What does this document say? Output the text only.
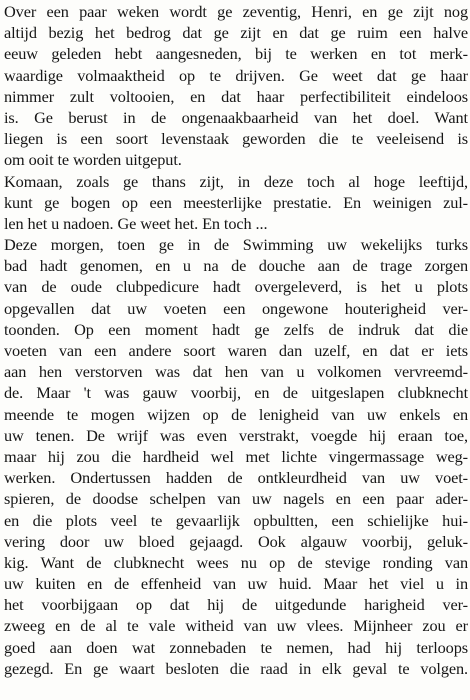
Over een paar weken wordt ge zeventig, Henri, en ge zijt nog
altijd bezig het bedrog dat ge zijt en dat ge ruim een halve
eeuw geleden hebt aangesneden, bij te werken en tot merk-
waardige volmaaktheid op te drijven. Ge weet dat ge haar
nimmer zult voltooien, en dat haar perfectibiliteit eindeloos
is. Ge berust in de ongenaakbaarheid van het doel. Want
liegen is een soort levenstaak geworden die te veeleisend is
om ooit te worden uitgeput.
Komaan, zoals ge thans zijt, in deze toch al hoge leeftijd,
kunt ge bogen op een meesterlijke prestatie. En weinigen zul-
len het u nadoen. Ge weet het. En toch ...
Deze morgen, toen ge in de Swimming uw wekelijks turks
bad hadt genomen, en u na de douche aan de trage zorgen
van de oude clubpedicure hadt overgeleverd, is het u plots
opgevallen dat uw voeten een ongewone houterigheid ver-
toonden. Op een moment hadt ge zelfs de indruk dat die
voeten van een andere soort waren dan uzelf, en dat er iets
aan hen verstorven was dat hen van u volkomen vervreemd-
de. Maar 't was gauw voorbij, en de uitgeslapen clubknecht
meende te mogen wijzen op de lenigheid van uw enkels en
uw tenen. De wrijf was even verstrakt, voegde hij eraan toe,
maar hij zou die hardheid wel met lichte vingermassage weg-
werken. Ondertussen hadden de ontkleurdheid van uw voet-
spieren, de doodse schelpen van uw nagels en een paar ader-
en die plots veel te gevaarlijk opbultten, een schielijke hui-
vering door uw bloed gejaagd. Ook algauw voorbij, geluk-
kig. Want de clubknecht wees nu op de stevige ronding van
uw kuiten en de effenheid van uw huid. Maar het viel u in
het voorbijgaan op dat hij de uitgedunde harigheid ver-
zweeg en de al te vale witheid van uw vlees. Mijnheer zou er
goed aan doen wat zonnebaden te nemen, had hij terloops
gezegd. En ge waart besloten die raad in elk geval te volgen.
